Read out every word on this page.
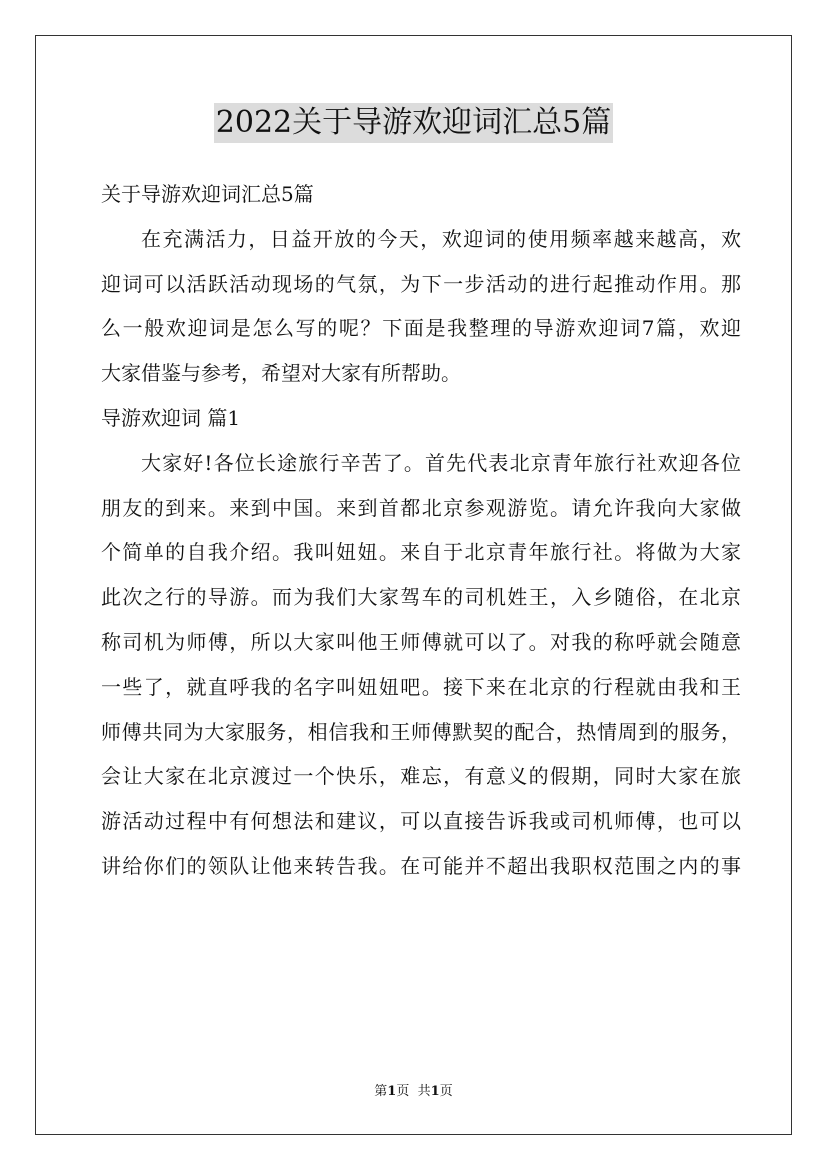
2022关于导游欢迎词汇总5篇
关于导游欢迎词汇总5篇
在充满活力，日益开放的今天，欢迎词的使用频率越来越高，欢
迎词可以活跃活动现场的气氛，为下一步活动的进行起推动作用。那
么一般欢迎词是怎么写的呢？下面是我整理的导游欢迎词7篇，欢迎
大家借鉴与参考，希望对大家有所帮助。
导游欢迎词 篇1
大家好!各位长途旅行辛苦了。首先代表北京青年旅行社欢迎各位
朋友的到来。来到中国。来到首都北京参观游览。请允许我向大家做
个简单的自我介绍。我叫妞妞。来自于北京青年旅行社。将做为大家
此次之行的导游。而为我们大家驾车的司机姓王，入乡随俗，在北京
称司机为师傅，所以大家叫他王师傅就可以了。对我的称呼就会随意
一些了，就直呼我的名字叫妞妞吧。接下来在北京的行程就由我和王
师傅共同为大家服务，相信我和王师傅默契的配合，热情周到的服务，
会让大家在北京渡过一个快乐，难忘，有意义的假期，同时大家在旅
游活动过程中有何想法和建议，可以直接告诉我或司机师傅，也可以
讲给你们的领队让他来转告我。在可能并不超出我职权范围之内的事
第1页 共1页
